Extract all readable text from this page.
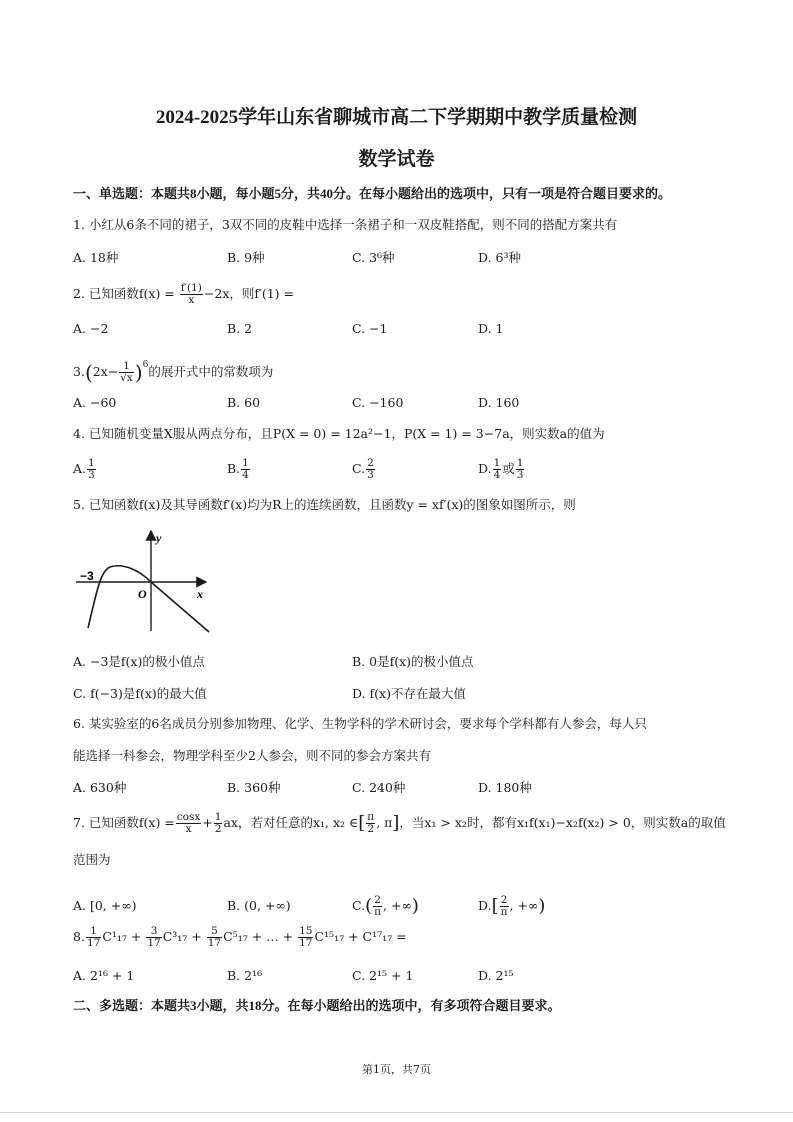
2024-2025学年山东省聊城市高二下学期期中教学质量检测
数学试卷
一、单选题：本题共8小题，每小题5分，共40分。在每小题给出的选项中，只有一项是符合题目要求的。
1. 小红从6条不同的裙子，3双不同的皮鞋中选择一条裙子和一双皮鞋搭配，则不同的搭配方案共有
A. 18种	B. 9种	C. 3⁶种	D. 6³种
2. 已知函数$f(x) = \frac{f'(1)}{x} -2x$，则f′(1) =
A. −2	B. 2	C. −1	D. 1
$3.(2x- \frac{1}{√x} )^6$的展开式中的常数项为
A. −60	B. 60	C. −160	D. 160
4. 已知随机变量X服从两点分布，且P(X = 0) = 12a²−1，P(X = 1) = 3−7a，则实数a的值为
A. $\frac{1}{3}$	B. $\frac{1}{4}$	C. $\frac{2}{3}$	D. $\frac{1}{4}$ 或 $\frac{1}{3}$
5. 已知函数f(x)及其导函数f′(x)均为R上的连续函数，且函数y = xf′(x)的图象如图所示，则
y
x
O
−3
A. −3是f(x)的极小值点	B. 0是f(x)的极小值点
C. f(−3)是f(x)的最大值	D. f(x)不存在最大值
6. 某实验室的6名成员分别参加物理、化学、生物学科的学术研讨会，要求每个学科都有人参会，每人只
能选择一科参会，物理学科至少2人参会，则不同的参会方案共有
A. 630种	B. 360种	C. 240种	D. 180种
7. 已知函数$f(x) = \frac{\cos x}{x} + \frac{1}{2}$ ax，若对任意的x₁, x₂ ∈[ $\frac{\pi}{2}$ , π]，当x₁ > x₂时，都有x₁f(x₁)−x₂f(x₂) > 0，则实数a的取值
范围为
A. [0, +∞)	B. (0, +∞)	$C.( \frac{2}{\pi}$ , +∞)	$D.[ \frac{2}{\pi}$ , +∞)
8. $\frac{1}{17} C^1_{17} + \frac{3}{17} C^3_{17} + \frac{5}{17} C^5_{17}$ + … + $\frac{15}{17} C^{15}_{17} + C^{17}_{17}$ =
A. 2¹⁶ + 1	B. 2¹⁶	C. 2¹⁵ + 1	D. 2¹⁵
二、多选题：本题共3小题，共18分。在每小题给出的选项中，有多项符合题目要求。
第1页，共7页
